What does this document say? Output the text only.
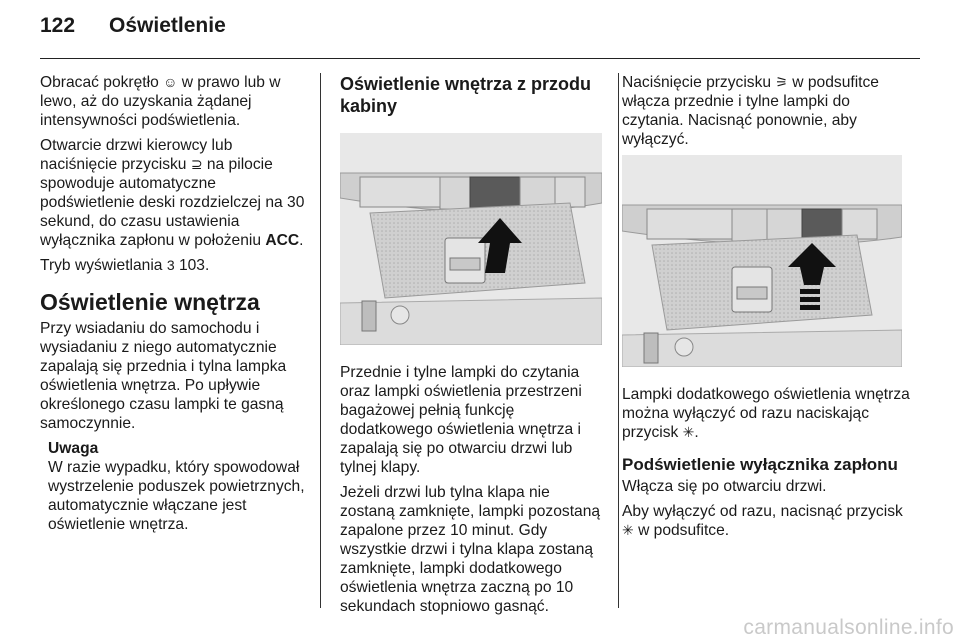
122 Oświetlenie

Obracać pokrętło ☺ w prawo lub w lewo, aż do uzyskania żądanej intensywności podświetlenia.

Otwarcie drzwi kierowcy lub naciśnięcie przycisku ⊇ na pilocie spowoduje automatyczne podświetlenie deski rozdzielczej na 30 sekund, do czasu ustawienia wyłącznika zapłonu w położeniu ACC.

Tryb wyświetlania 3 103.

Oświetlenie wnętrza

Przy wsiadaniu do samochodu i wysiadaniu z niego automatycznie zapalają się przednia i tylna lampka oświetlenia wnętrza. Po upływie określonego czasu lampki te gasną samoczynnie.

Uwaga
W razie wypadku, który spowodował wystrzelenie poduszek powietrznych, automatycznie włączane jest oświetlenie wnętrza.
Oświetlenie wnętrza z przodu kabiny

Przednie i tylne lampki do czytania oraz lampki oświetlenia przestrzeni bagażowej pełnią funkcję dodatkowego oświetlenia wnętrza i zapalają się po otwarciu drzwi lub tylnej klapy.

Jeżeli drzwi lub tylna klapa nie zostaną zamknięte, lampki pozostaną zapalone przez 10 minut. Gdy wszystkie drzwi i tylna klapa zostaną zamknięte, lampki dodatkowego oświetlenia wnętrza zaczną po 10 sekundach stopniowo gasnąć.

Naciśnięcie przycisku ⚞ w podsufitce włącza przednie i tylne lampki do czytania. Nacisnąć ponownie, aby wyłączyć.

Lampki dodatkowego oświetlenia wnętrza można wyłączyć od razu naciskając przycisk ✳.

Podświetlenie wyłącznika zapłonu

Włącza się po otwarciu drzwi.

Aby wyłączyć od razu, nacisnąć przycisk ✳ w podsufitce.

carmanualsonline.info
